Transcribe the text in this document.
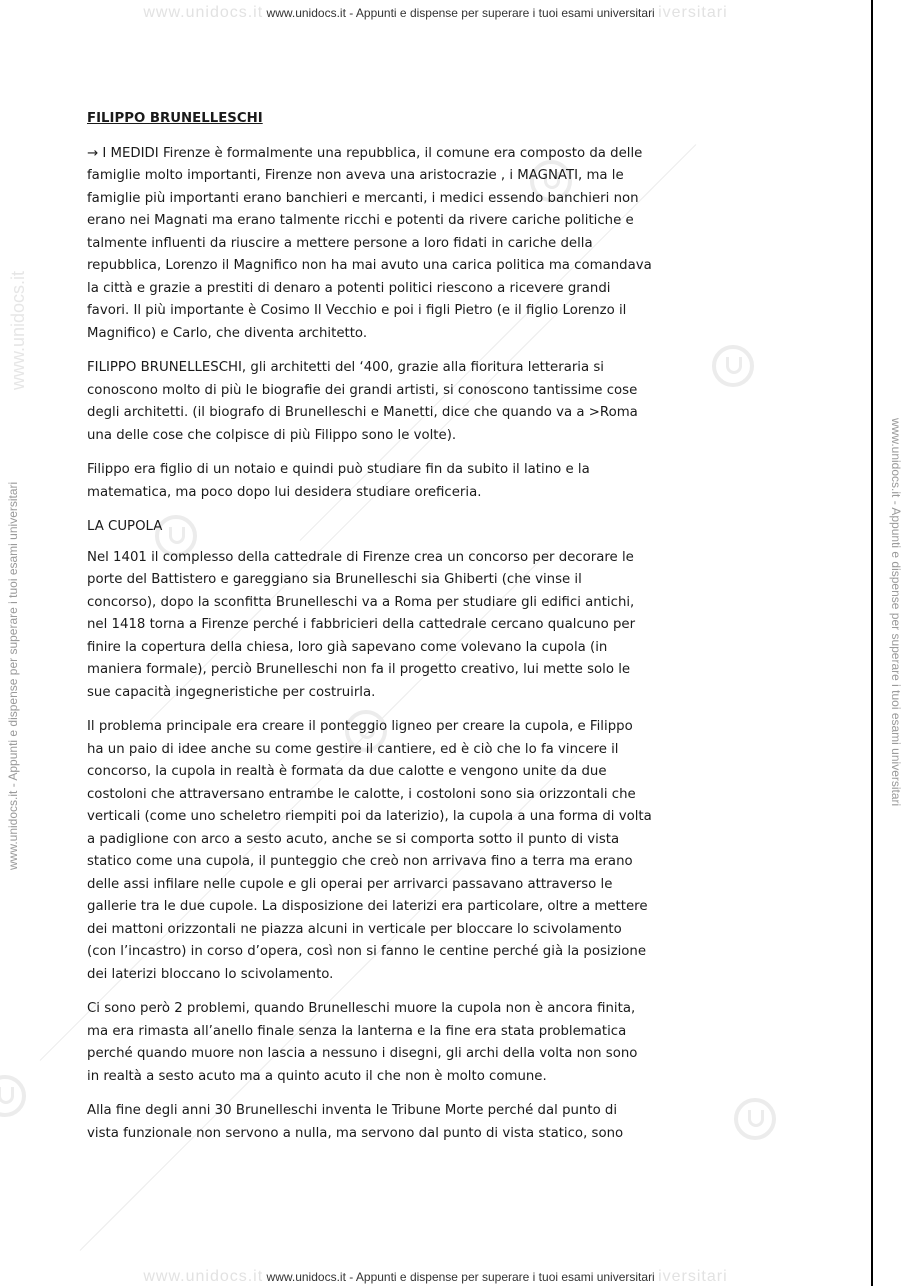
www.unidocs.it www.unidocs.it - Appunti e dispense per superare i tuoi esami universitari iversitari
www.unidocs.it www.unidocs.it - Appunti e dispense per superare i tuoi esami universitari iversitari
www.unidocs.it - Appunti e dispense per superare i tuoi esami universitari	www.unidocs.it - Appunti e dispense per superare i tuoi esami universitari
www.unidocs.it
FILIPPO BRUNELLESCHI

→ I MEDIDI Firenze è formalmente una repubblica, il comune era composto da delle famiglie molto importanti, Firenze non aveva una aristocrazie , i MAGNATI, ma le famiglie più importanti erano banchieri e mercanti, i medici essendo banchieri non erano nei Magnati ma erano talmente ricchi e potenti da rivere cariche politiche e talmente influenti da riuscire a mettere persone a loro fidati in cariche della repubblica, Lorenzo il Magnifico non ha mai avuto una carica politica ma comandava la città e grazie a prestiti di denaro a potenti politici riescono a ricevere grandi favori. Il più importante è Cosimo Il Vecchio e poi i figli Pietro (e il figlio Lorenzo il Magnifico) e Carlo, che diventa architetto.

FILIPPO BRUNELLESCHI, gli architetti del ‘400, grazie alla fioritura letteraria si conoscono molto di più le biografie dei grandi artisti, si conoscono tantissime cose degli architetti. (il biografo di Brunelleschi e Manetti, dice che quando va a >Roma una delle cose che colpisce di più Filippo sono le volte).

Filippo era figlio di un notaio e quindi può studiare fin da subito il latino e la matematica, ma poco dopo lui desidera studiare oreficeria.

LA CUPOLA

Nel 1401 il complesso della cattedrale di Firenze crea un concorso per decorare le porte del Battistero e gareggiano sia Brunelleschi sia Ghiberti (che vinse il concorso), dopo la sconfitta Brunelleschi va a Roma per studiare gli edifici antichi, nel 1418 torna a Firenze perché i fabbricieri della cattedrale cercano qualcuno per finire la copertura della chiesa, loro già sapevano come volevano la cupola (in maniera formale), perciò Brunelleschi non fa il progetto creativo, lui mette solo le sue capacità ingegneristiche per costruirla.

Il problema principale era creare il ponteggio ligneo per creare la cupola, e Filippo ha un paio di idee anche su come gestire il cantiere, ed è ciò che lo fa vincere il concorso, la cupola in realtà è formata da due calotte e vengono unite da due costoloni che attraversano entrambe le calotte, i costoloni sono sia orizzontali che verticali (come uno scheletro riempiti poi da laterizio), la cupola a una forma di volta a padiglione con arco a sesto acuto, anche se si comporta sotto il punto di vista statico come una cupola, il punteggio che creò non arrivava fino a terra ma erano delle assi infilare nelle cupole e gli operai per arrivarci passavano attraverso le gallerie tra le due cupole. La disposizione dei laterizi era particolare, oltre a mettere dei mattoni orizzontali ne piazza alcuni in verticale per bloccare lo scivolamento (con l’incastro) in corso d’opera, così non si fanno le centine perché già la posizione dei laterizi bloccano lo scivolamento.

Ci sono però 2 problemi, quando Brunelleschi muore la cupola non è ancora finita, ma era rimasta all’anello finale senza la lanterna e la fine era stata problematica perché quando muore non lascia a nessuno i disegni, gli archi della volta non sono in realtà a sesto acuto ma a quinto acuto il che non è molto comune.

Alla fine degli anni 30 Brunelleschi inventa le Tribune Morte perché dal punto di vista funzionale non servono a nulla, ma servono dal punto di vista statico, sono
